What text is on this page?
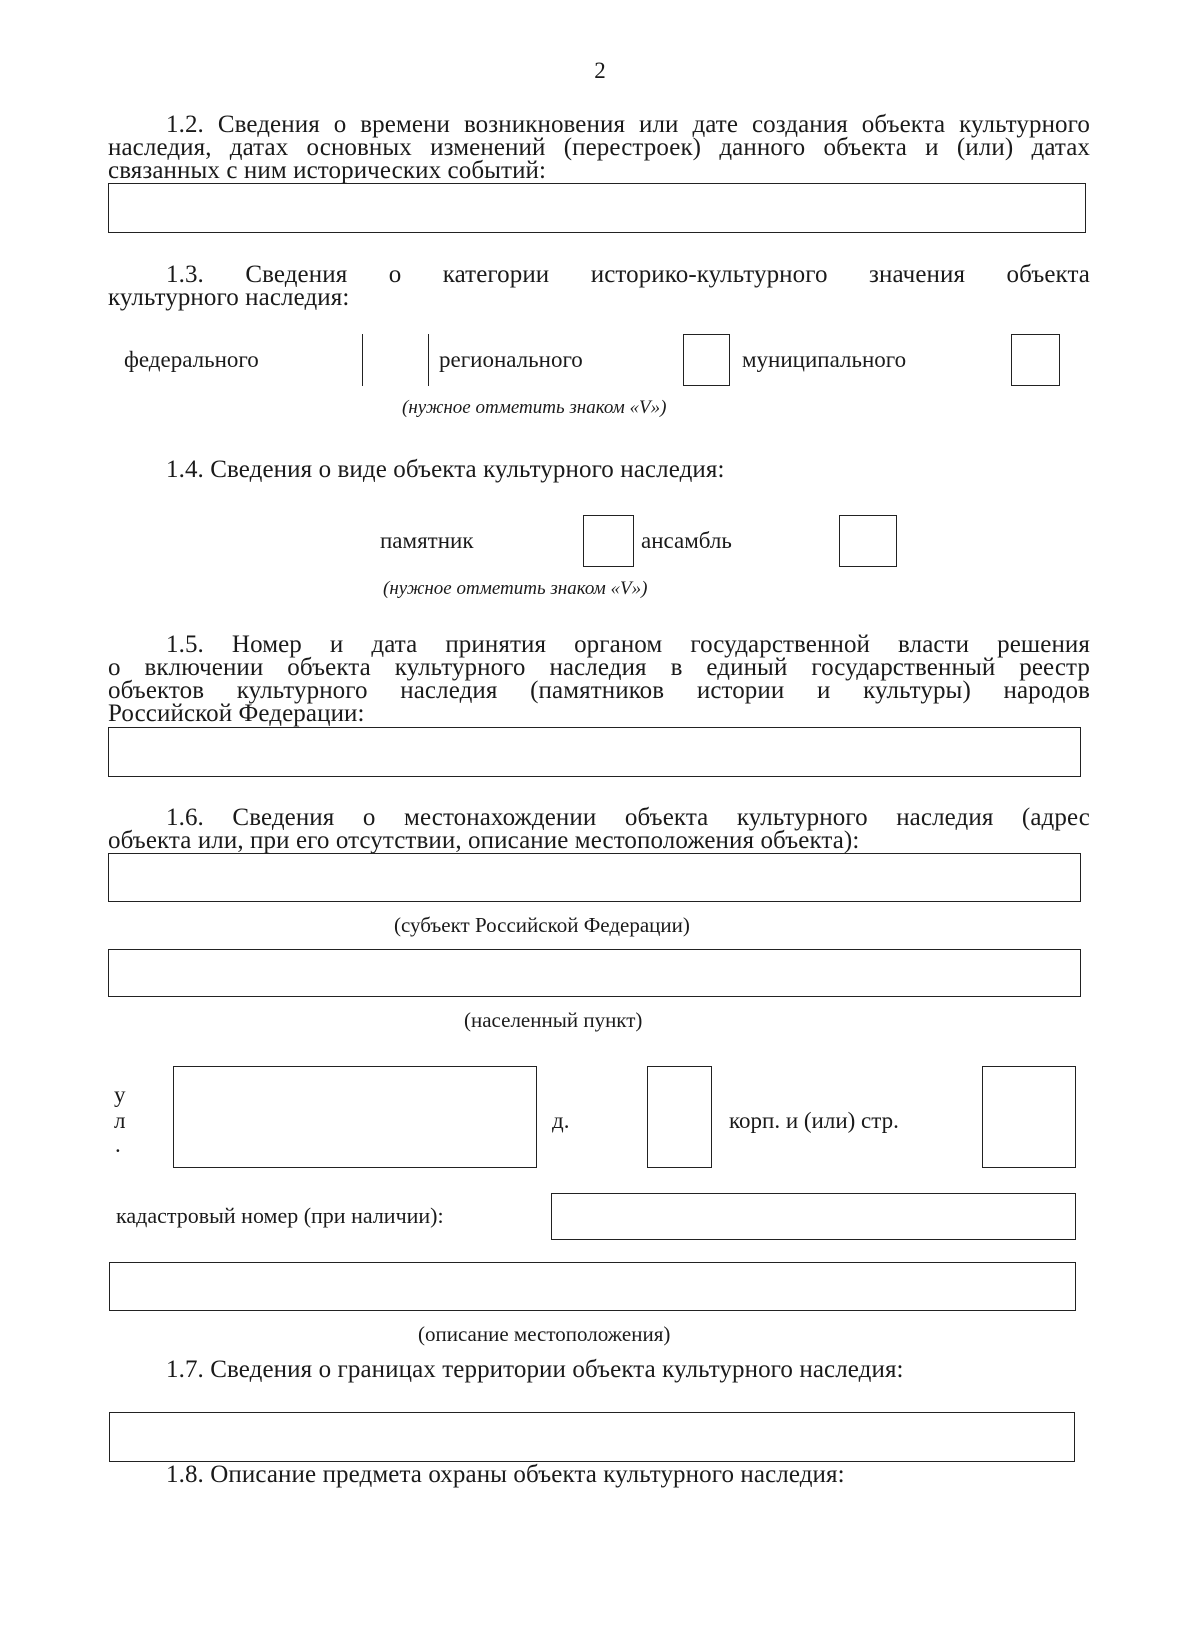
2
1.2. Сведения о времени возникновения или дате создания объекта культурного
наследия, датах основных изменений (перестроек) данного объекта и (или) датах
связанных с ним исторических событий:
1.3. Сведения о категории историко-культурного значения объекта
культурного наследия:
федерального	регионального	муниципального
(нужное отметить знаком «V»)
1.4. Сведения о виде объекта культурного наследия:
памятник	ансамбль
(нужное отметить знаком «V»)
1.5. Номер и дата принятия органом государственной власти решения
о включении объекта культурного наследия в единый государственный реестр
объектов культурного наследия (памятников истории и культуры) народов
Российской Федерации:
1.6. Сведения о местонахождении объекта культурного наследия (адрес
объекта или, при его отсутствии, описание местоположения объекта):
(субъект Российской Федерации)
(населенный пункт)
у
л
.
д.	корп. и (или) стр.
кадастровый номер (при наличии):
(описание местоположения)
1.7. Сведения о границах территории объекта культурного наследия:
1.8. Описание предмета охраны объекта культурного наследия:
